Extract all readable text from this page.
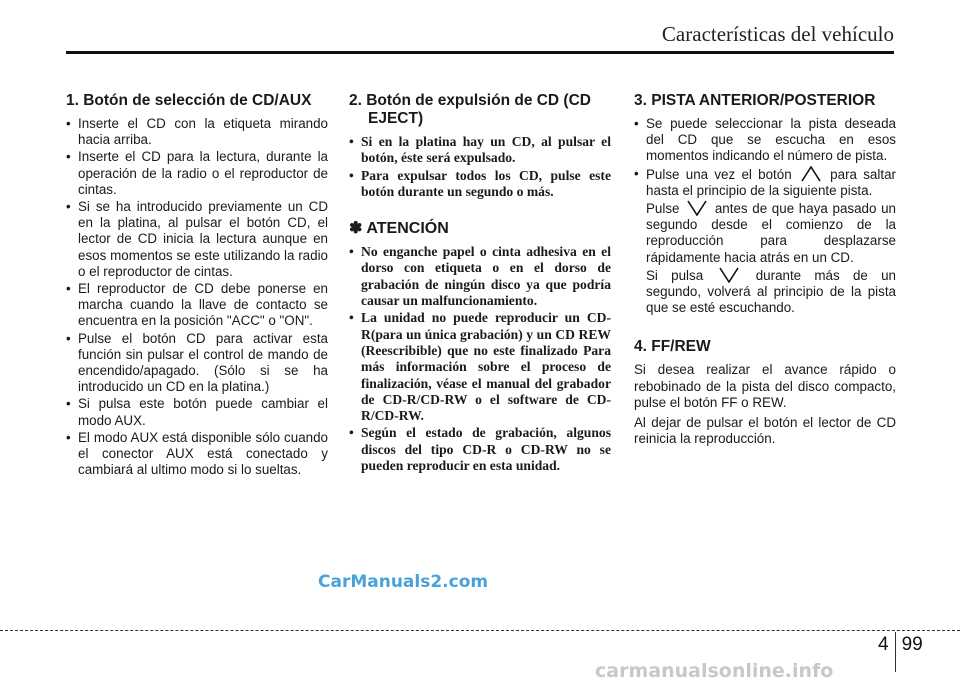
Características del vehículo
1. Botón de selección de CD/AUX
• Inserte el CD con la etiqueta mirando hacia arriba.
• Inserte el CD para la lectura, durante la operación de la radio o el reproductor de cintas.
• Si se ha introducido previamente un CD en la platina, al pulsar el botón CD, el lector de CD inicia la lectura aunque en esos momentos se este utilizando la radio o el reproductor de cintas.
• El reproductor de CD debe ponerse en marcha cuando la llave de contacto se encuentra en la posición "ACC" o "ON".
• Pulse el botón CD para activar esta función sin pulsar el control de mando de encendido/apagado. (Sólo si se ha introducido un CD en la platina.)
• Si pulsa este botón puede cambiar el modo AUX.
• El modo AUX está disponible sólo cuando el conector AUX está conectado y cambiará al ultimo modo si lo sueltas.
2. Botón de expulsión de CD (CD EJECT)
• Si en la platina hay un CD, al pulsar el botón, éste será expulsado.
• Para expulsar todos los CD, pulse este botón durante un segundo o más.
✽ ATENCIÓN
• No enganche papel o cinta adhesiva en el dorso con etiqueta o en el dorso de grabación de ningún disco ya que podría causar un malfuncionamiento.
• La unidad no puede reproducir un CD-R(para un única grabación) y un CD REW (Reescribible) que no este finalizado Para más información sobre el proceso de finalización, véase el manual del grabador de CD-R/CD-RW o el software de CD-R/CD-RW.
• Según el estado de grabación, algunos discos del tipo CD-R o CD-RW no se pueden reproducir en esta unidad.
3. PISTA ANTERIOR/POSTERIOR
• Se puede seleccionar la pista deseada del CD que se escucha en esos momentos indicando el número de pista.
• Pulse una vez el botón	para saltar hasta el principio de la siguiente pista.
Pulse	antes de que haya pasado un segundo desde el comienzo de la reproducción para desplazarse rápidamente hacia atrás en un CD.
Si pulsa	durante más de un segundo, volverá al principio de la pista que se esté escuchando.
4. FF/REW

Si desea realizar el avance rápido o rebobinado de la pista del disco compacto, pulse el botón FF o REW.

Al dejar de pulsar el botón el lector de CD reinicia la reproducción.

CarManuals2.com
4 99
carmanualsonline.info
